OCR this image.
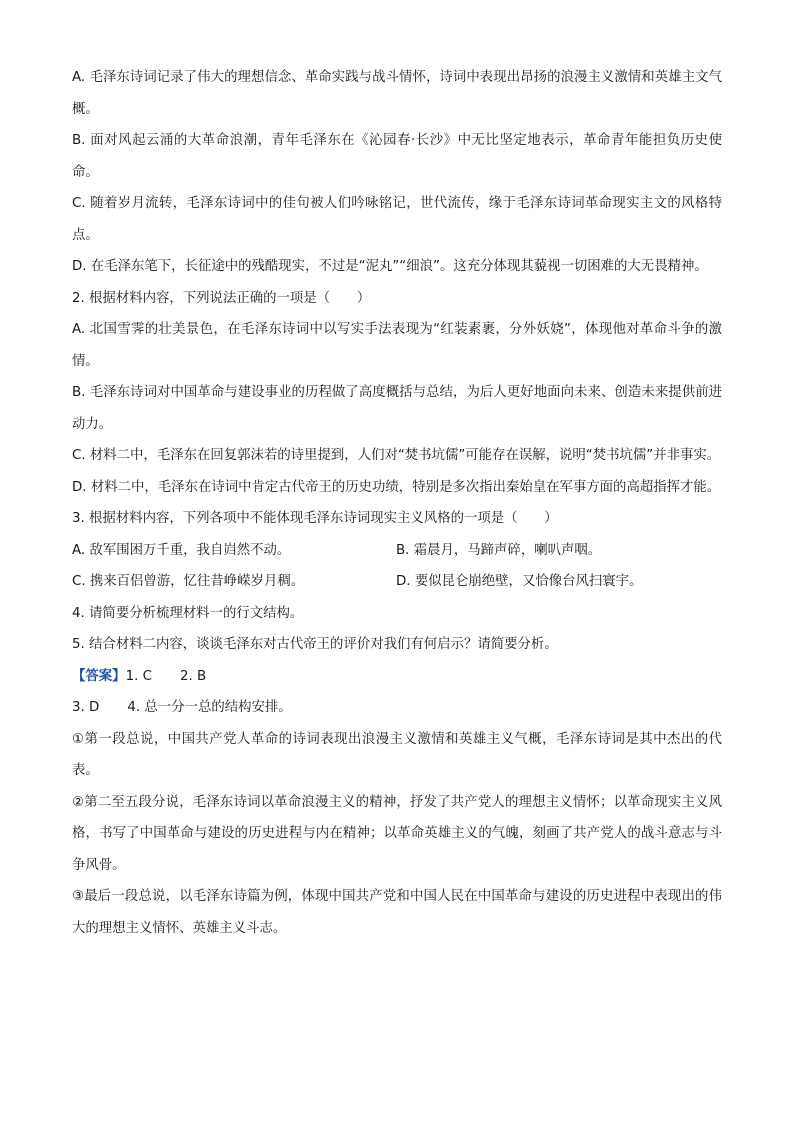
A. 毛泽东诗词记录了伟大的理想信念、革命实践与战斗情怀，诗词中表现出昂扬的浪漫主义激情和英雄主文气概。

B. 面对风起云涌的大革命浪潮，青年毛泽东在《沁园春·长沙》中无比坚定地表示，革命青年能担负历史使命。

C. 随着岁月流转，毛泽东诗词中的佳句被人们吟咏铭记，世代流传，缘于毛泽东诗词革命现实主文的风格特点。

D. 在毛泽东笔下，长征途中的残酷现实，不过是“泥丸”“细浪”。这充分体现其藐视一切困难的大无畏精神。

2. 根据材料内容，下列说法正确的一项是（　　）

A. 北国雪霁的壮美景色，在毛泽东诗词中以写实手法表现为“红装素裹，分外妖娆”，体现他对革命斗争的激情。

B. 毛泽东诗词对中国革命与建设事业的历程做了高度概括与总结，为后人更好地面向未来、创造未来提供前进动力。

C. 材料二中，毛泽东在回复郭沫若的诗里提到，人们对“焚书坑儒”可能存在误解，说明“焚书坑儒”并非事实。

D. 材料二中，毛泽东在诗词中肯定古代帝王的历史功绩，特别是多次指出秦始皇在军事方面的高超指挥才能。

3. 根据材料内容，下列各项中不能体现毛泽东诗词现实主义风格的一项是（　　）

A. 敌军围困万千重，我自岿然不动。	B. 霜晨月，马蹄声碎，喇叭声咽。
C. 携来百侣曾游，忆往昔峥嵘岁月稠。	D. 要似昆仑崩绝壁，又恰像台风扫寰宇。

4. 请简要分析梳理材料一的行文结构。

5. 结合材料二内容，谈谈毛泽东对古代帝王的评价对我们有何启示？请简要分析。

【答案】1. C 2. B

3. D 4. 总一分一总的结构安排。

①第一段总说，中国共产党人革命的诗词表现出浪漫主义激情和英雄主义气概，毛泽东诗词是其中杰出的代表。

②第二至五段分说，毛泽东诗词以革命浪漫主义的精神，抒发了共产党人的理想主义情怀；以革命现实主义风格，书写了中国革命与建设的历史进程与内在精神；以革命英雄主义的气魄，刻画了共产党人的战斗意志与斗争风骨。

③最后一段总说，以毛泽东诗篇为例，体现中国共产党和中国人民在中国革命与建设的历史进程中表现出的伟大的理想主义情怀、英雄主义斗志。
